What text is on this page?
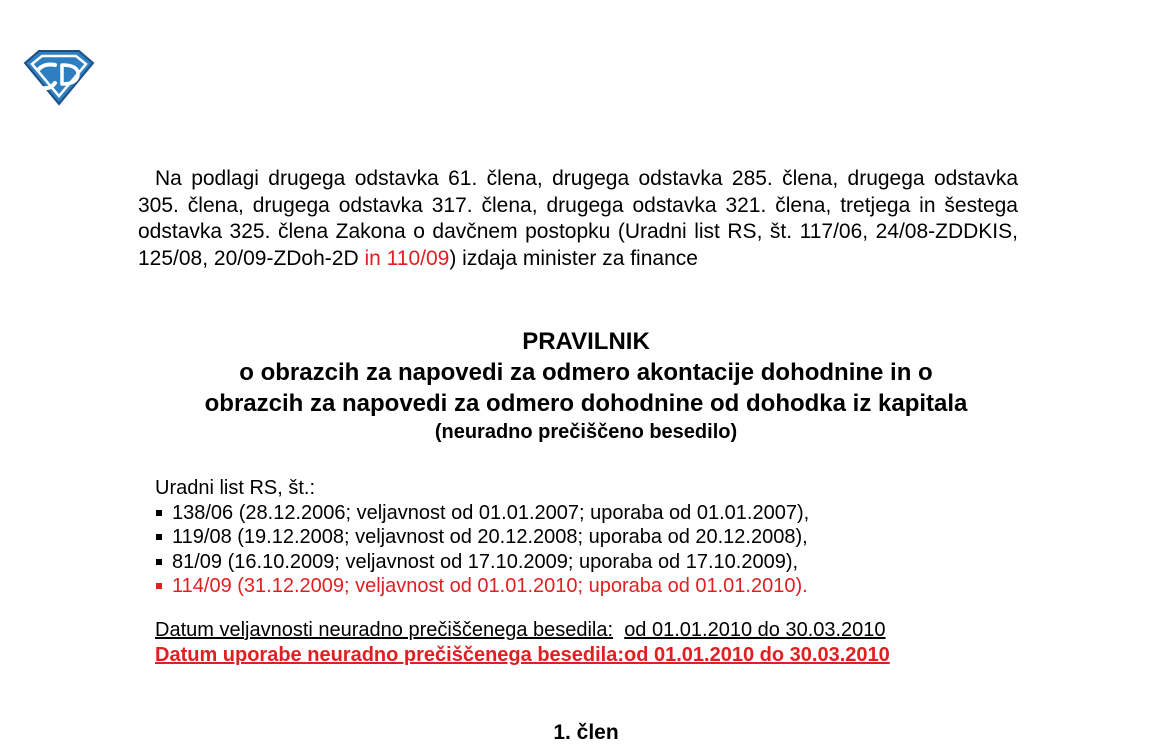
Na podlagi drugega odstavka 61. člena, drugega odstavka 285. člena, drugega odstavka 305. člena, drugega odstavka 317. člena, drugega odstavka 321. člena, tretjega in šestega odstavka 325. člena Zakona o davčnem postopku (Uradni list RS, št. 117/06, 24/08-ZDDKIS, 125/08, 20/09-ZDoh-2D in 110/09) izdaja minister za finance

PRAVILNIK
o obrazcih za napovedi za odmero akontacije dohodnine in o
obrazcih za napovedi za odmero dohodnine od dohodka iz kapitala
(neuradno prečiščeno besedilo)
Uradni list RS, št.:
138/06 (28.12.2006; veljavnost od 01.01.2007; uporaba od 01.01.2007),
119/08 (19.12.2008; veljavnost od 20.12.2008; uporaba od 20.12.2008),
81/09 (16.10.2009; veljavnost od 17.10.2009; uporaba od 17.10.2009),
114/09 (31.12.2009; veljavnost od 01.01.2010; uporaba od 01.01.2010).
Datum veljavnosti neuradno prečiščenega besedila: od 01.01.2010 do 30.03.2010
Datum uporabe neuradno prečiščenega besedila:od 01.01.2010 do 30.03.2010
1. člen
